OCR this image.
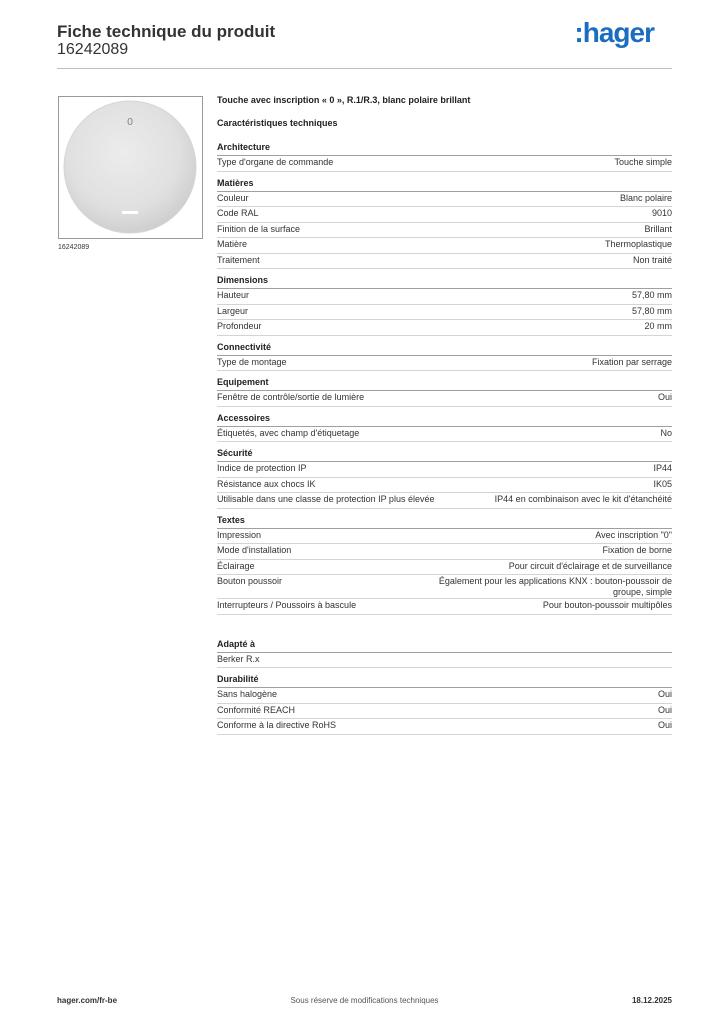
Fiche technique du produit
16242089
:hager
0
16242089
Touche avec inscription « 0 », R.1/R.3, blanc polaire brillant
Caractéristiques techniques
Architecture
Type d'organe de commande	Touche simple
Matières
Couleur	Blanc polaire
Code RAL	9010
Finition de la surface	Brillant
Matière	Thermoplastique
Traitement	Non traité
Dimensions
Hauteur	57,80 mm
Largeur	57,80 mm
Profondeur	20 mm
Connectivité
Type de montage	Fixation par serrage
Equipement
Fenêtre de contrôle/sortie de lumière	Oui
Accessoires
Étiquetés, avec champ d'étiquetage	No
Sécurité
Indice de protection IP	IP44
Résistance aux chocs IK	IK05
Utilisable dans une classe de protection IP plus élevée	IP44 en combinaison avec le kit d'étanchéité
Textes
Impression	Avec inscription "0"
Mode d'installation	Fixation de borne
Éclairage	Pour circuit d'éclairage et de surveillance
Bouton poussoir	Également pour les applications KNX : bouton-poussoir de groupe, simple
Interrupteurs / Poussoirs à bascule	Pour bouton-poussoir multipôles
Adapté à
Berker R.x
Durabilité
Sans halogène	Oui
Conformité REACH	Oui
Conforme à la directive RoHS	Oui
hager.com/fr-be	Sous réserve de modifications techniques	18.12.2025
